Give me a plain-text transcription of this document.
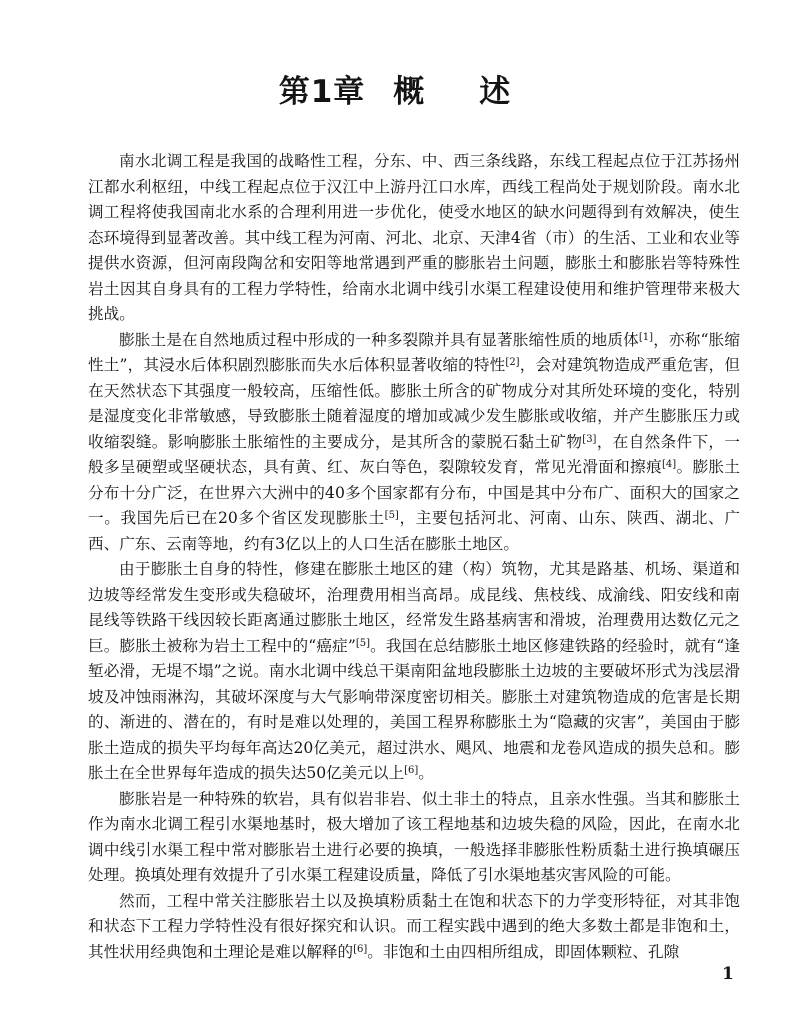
第1章 概 述

南水北调工程是我国的战略性工程，分东、中、西三条线路，东线工程起点位于江苏扬州江都水利枢纽，中线工程起点位于汉江中上游丹江口水库，西线工程尚处于规划阶段。南水北调工程将使我国南北水系的合理利用进一步优化，使受水地区的缺水问题得到有效解决，使生态环境得到显著改善。其中线工程为河南、河北、北京、天津4省（市）的生活、工业和农业等提供水资源，但河南段陶岔和安阳等地常遇到严重的膨胀岩土问题，膨胀土和膨胀岩等特殊性岩土因其自身具有的工程力学特性，给南水北调中线引水渠工程建设使用和维护管理带来极大挑战。

膨胀土是在自然地质过程中形成的一种多裂隙并具有显著胀缩性质的地质体[1]，亦称“胀缩性土”，其浸水后体积剧烈膨胀而失水后体积显著收缩的特性[2]，会对建筑物造成严重危害，但在天然状态下其强度一般较高，压缩性低。膨胀土所含的矿物成分对其所处环境的变化，特别是湿度变化非常敏感，导致膨胀土随着湿度的增加或减少发生膨胀或收缩，并产生膨胀压力或收缩裂缝。影响膨胀土胀缩性的主要成分，是其所含的蒙脱石黏土矿物[3]，在自然条件下，一般多呈硬塑或坚硬状态，具有黄、红、灰白等色，裂隙较发育，常见光滑面和擦痕[4]。膨胀土分布十分广泛，在世界六大洲中的40多个国家都有分布，中国是其中分布广、面积大的国家之一。我国先后已在20多个省区发现膨胀土[5]，主要包括河北、河南、山东、陕西、湖北、广西、广东、云南等地，约有3亿以上的人口生活在膨胀土地区。

由于膨胀土自身的特性，修建在膨胀土地区的建（构）筑物，尤其是路基、机场、渠道和边坡等经常发生变形或失稳破坏，治理费用相当高昂。成昆线、焦枝线、成渝线、阳安线和南昆线等铁路干线因较长距离通过膨胀土地区，经常发生路基病害和滑坡，治理费用达数亿元之巨。膨胀土被称为岩土工程中的“癌症”[5]。我国在总结膨胀土地区修建铁路的经验时，就有“逢堑必滑，无堤不塌”之说。南水北调中线总干渠南阳盆地段膨胀土边坡的主要破坏形式为浅层滑坡及冲蚀雨淋沟，其破坏深度与大气影响带深度密切相关。膨胀土对建筑物造成的危害是长期的、渐进的、潜在的，有时是难以处理的，美国工程界称膨胀土为“隐藏的灾害”，美国由于膨胀土造成的损失平均每年高达20亿美元，超过洪水、飓风、地震和龙卷风造成的损失总和。膨胀土在全世界每年造成的损失达50亿美元以上[6]。

膨胀岩是一种特殊的软岩，具有似岩非岩、似土非土的特点，且亲水性强。当其和膨胀土作为南水北调工程引水渠地基时，极大增加了该工程地基和边坡失稳的风险，因此，在南水北调中线引水渠工程中常对膨胀岩土进行必要的换填，一般选择非膨胀性粉质黏土进行换填碾压处理。换填处理有效提升了引水渠工程建设质量，降低了引水渠地基灾害风险的可能。

然而，工程中常关注膨胀岩土以及换填粉质黏土在饱和状态下的力学变形特征，对其非饱和状态下工程力学特性没有很好探究和认识。而工程实践中遇到的绝大多数土都是非饱和土，其性状用经典饱和土理论是难以解释的[6]。非饱和土由四相所组成，即固体颗粒、孔隙

1
